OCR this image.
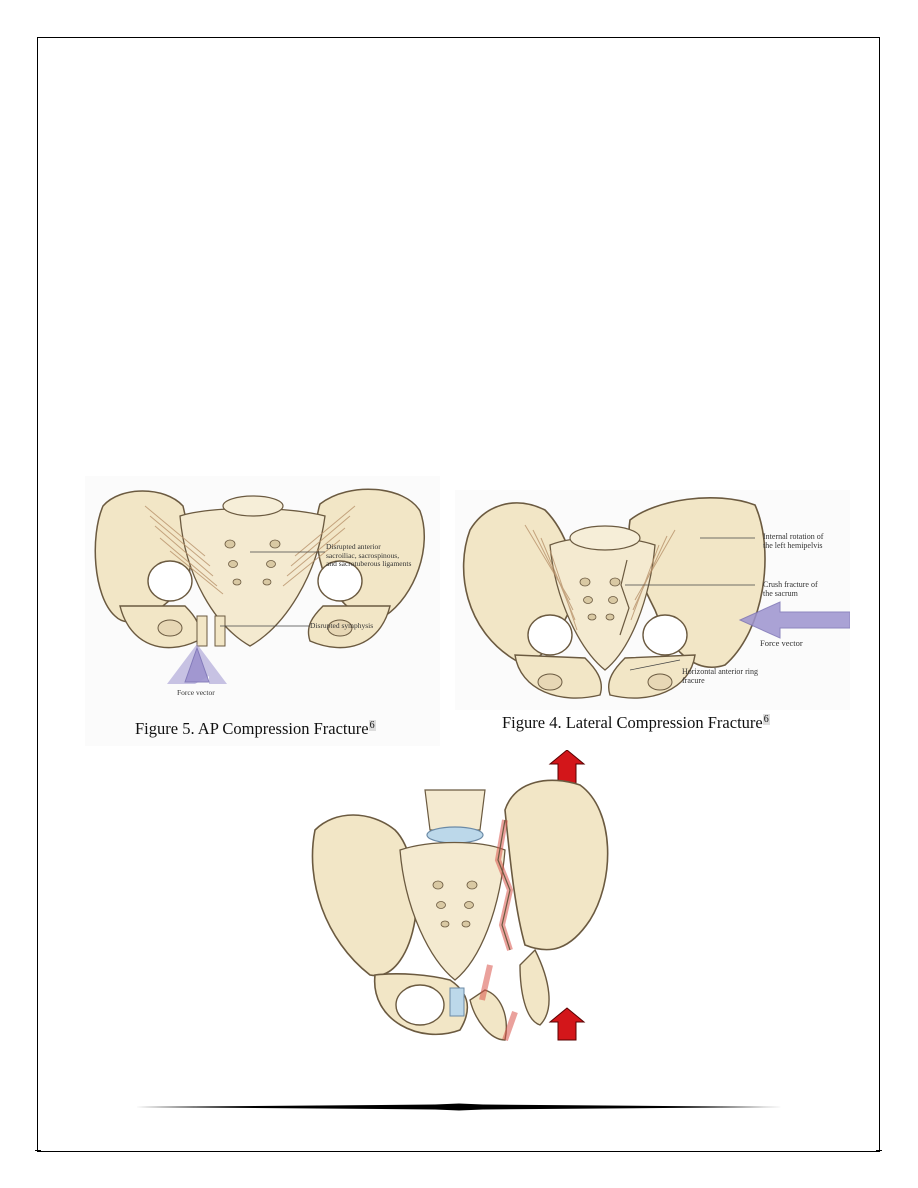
Disrupted anterior
sacroiliac, sacrospinous,
and sacrotuberous ligaments
Disrupted symphysis
Force vector
Figure 5. AP Compression Fracture$^6$
Internal rotation of
the left hemipelvis
Crush fracture of
the sacrum
Force vector
Horizontal anterior ring
fracure
Figure 4. Lateral Compression Fracture$^6$
